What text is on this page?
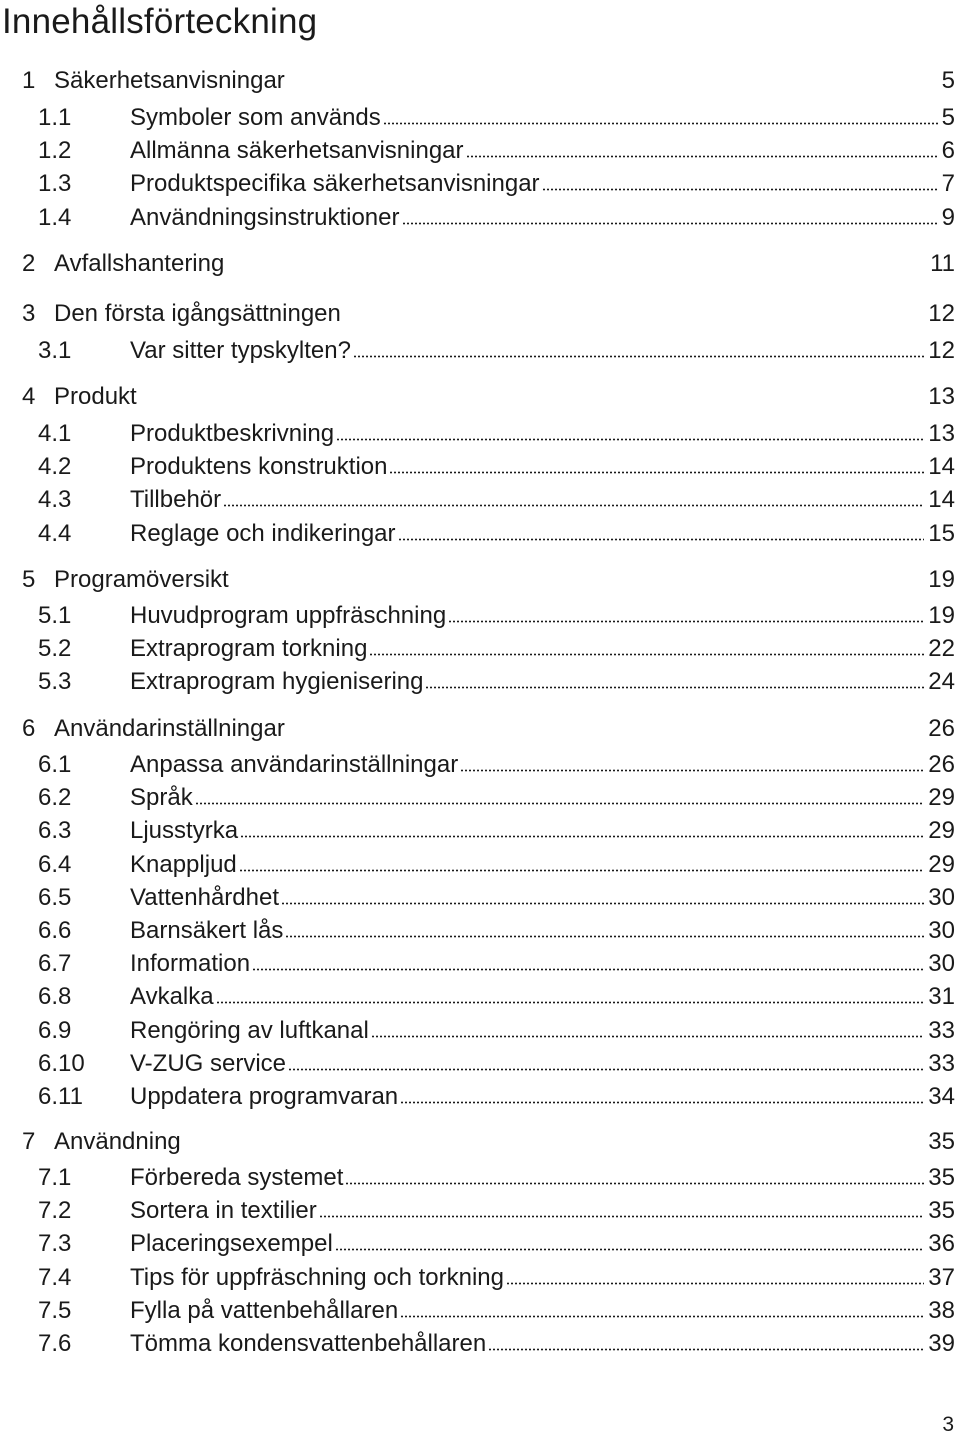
Innehållsförteckning
1 Säkerhetsanvisningar	5
1.1	Symboler som används	5
1.2	Allmänna säkerhetsanvisningar	6
1.3	Produktspecifika säkerhetsanvisningar	7
1.4	Användningsinstruktioner	9
2 Avfallshantering	11
3 Den första igångsättningen	12
3.1	Var sitter typskylten?	12
4 Produkt	13
4.1	Produktbeskrivning	13
4.2	Produktens konstruktion	14
4.3	Tillbehör	14
4.4	Reglage och indikeringar	15
5 Programöversikt	19
5.1	Huvudprogram uppfräschning	19
5.2	Extraprogram torkning	22
5.3	Extraprogram hygienisering	24
6 Användarinställningar	26
6.1	Anpassa användarinställningar	26
6.2	Språk	29
6.3	Ljusstyrka	29
6.4	Knappljud	29
6.5	Vattenhårdhet	30
6.6	Barnsäkert lås	30
6.7	Information	30
6.8	Avkalka	31
6.9	Rengöring av luftkanal	33
6.10	V-ZUG service	33
6.11	Uppdatera programvaran	34
7 Användning	35
7.1	Förbereda systemet	35
7.2	Sortera in textilier	35
7.3	Placeringsexempel	36
7.4	Tips för uppfräschning och torkning	37
7.5	Fylla på vattenbehållaren	38
7.6	Tömma kondensvattenbehållaren	39
3
